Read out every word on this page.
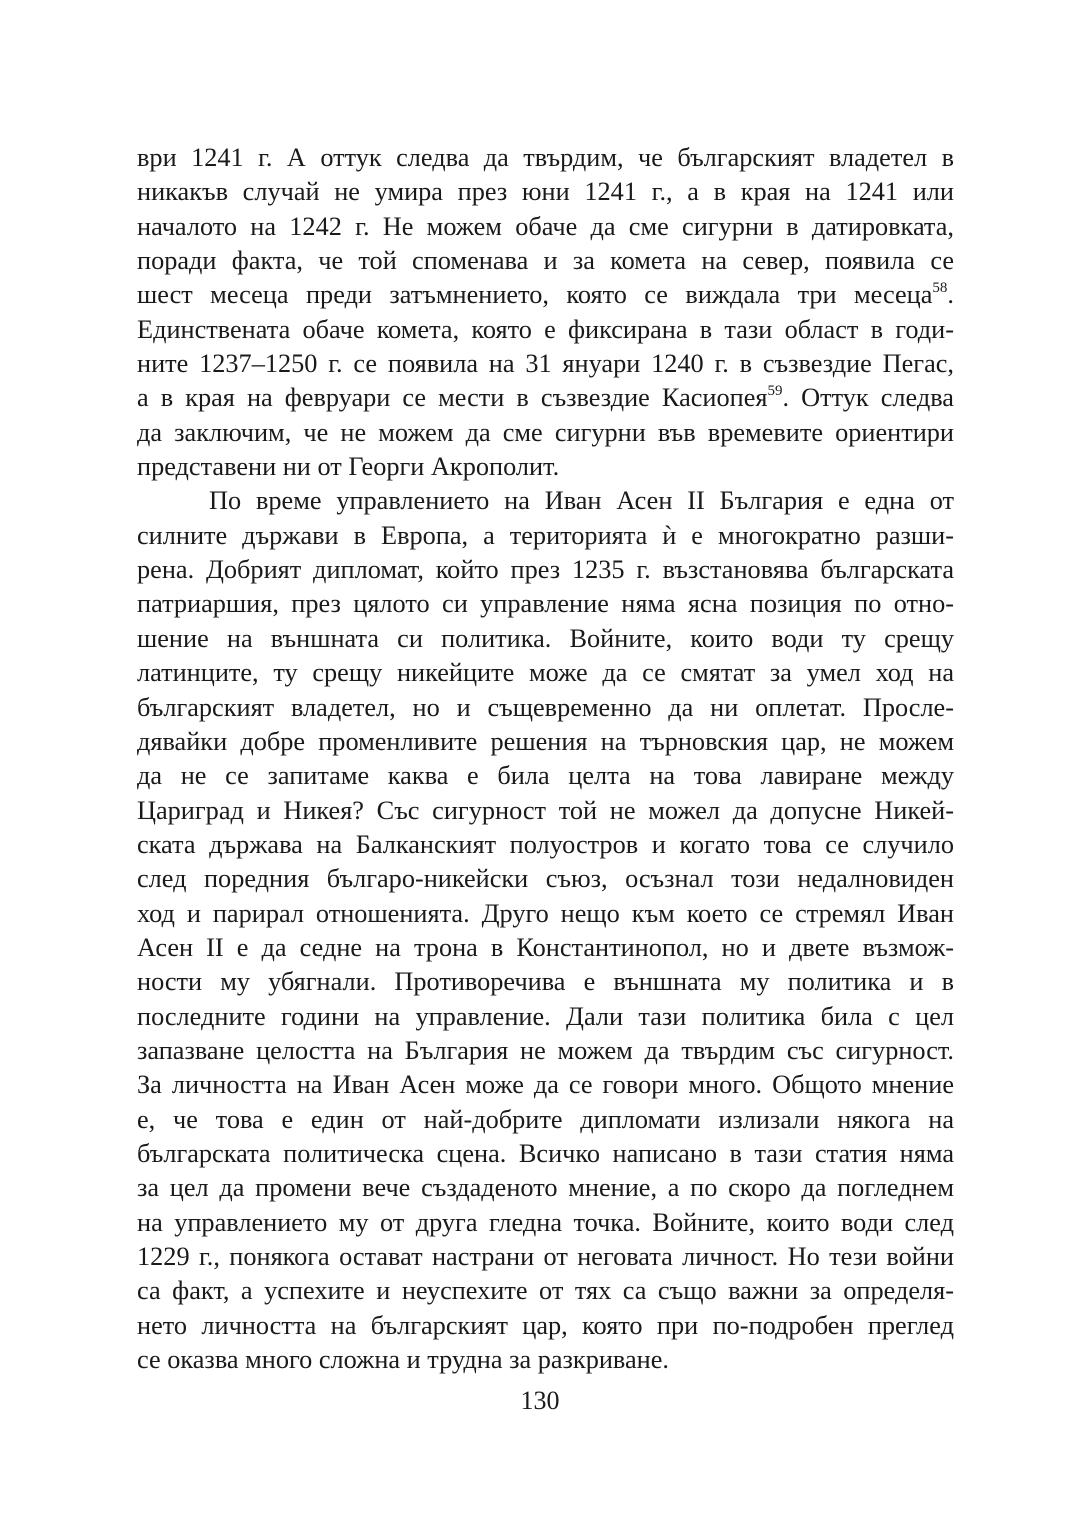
ври 1241 г. А оттук следва да твърдим, че българският владетел в
никакъв случай не умира през юни 1241 г., а в края на 1241 или
началото на 1242 г. Не можем обаче да сме сигурни в датировката,
поради факта, че той споменава и за комета на север, появила се
шест месеца преди затъмнението, която се виждала три месеца$^{58}$.
Единствената обаче комета, която е фиксирана в тази област в годи-
ните 1237–1250 г. се появила на 31 януари 1240 г. в съзвездие Пегас,
а в края на февруари се мести в съзвездие Касиопея$^{59}$. Оттук следва
да заключим, че не можем да сме сигурни във времевите ориентири
представени ни от Георги Акрополит.
По време управлението на Иван Асен II България е една от
силните държави в Европа, а територията ѝ е многократно разши-
рена. Добрият дипломат, който през 1235 г. възстановява българската
патриаршия, през цялото си управление няма ясна позиция по отно-
шение на външната си политика. Войните, които води ту срещу
латинците, ту срещу никейците може да се смятат за умел ход на
българският владетел, но и същевременно да ни оплетат. Просле-
дявайки добре променливите решения на търновския цар, не можем
да не се запитаме каква е била целта на това лавиране между
Цариград и Никея? Със сигурност той не можел да допусне Никей-
ската държава на Балканският полуостров и когато това се случило
след поредния българо-никейски съюз, осъзнал този недалновиден
ход и парирал отношенията. Друго нещо към което се стремял Иван
Асен II е да седне на трона в Константинопол, но и двете възмож-
ности му убягнали. Противоречива е външната му политика и в
последните години на управление. Дали тази политика била с цел
запазване целостта на България не можем да твърдим със сигурност.
За личността на Иван Асен може да се говори много. Общото мнение
е, че това е един от най-добрите дипломати излизали някога на
българската политическа сцена. Всичко написано в тази статия няма
за цел да промени вече създаденото мнение, а по скоро да погледнем
на управлението му от друга гледна точка. Войните, които води след
1229 г., понякога остават настрани от неговата личност. Но тези войни
са факт, а успехите и неуспехите от тях са също важни за определя-
нето личността на българският цар, която при по-подробен преглед
се оказва много сложна и трудна за разкриване.
130
